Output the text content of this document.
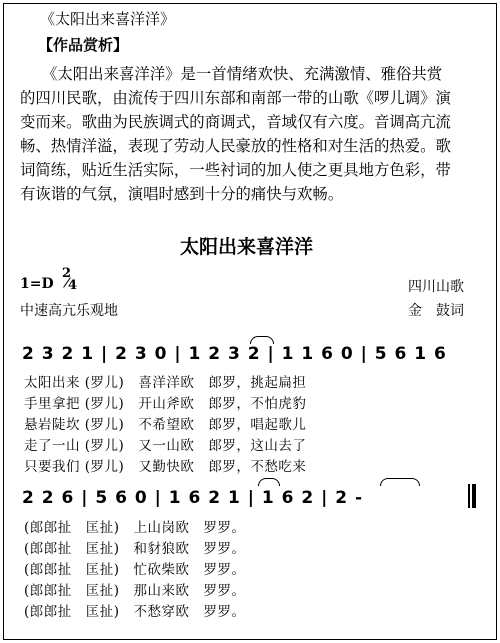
《太阳出来喜洋洋》
【作品赏析】
《太阳出来喜洋洋》是一首情绪欢快、充满激情、雅俗共赏
的四川民歌，由流传于四川东部和南部一带的山歌《啰儿调》演
变而来。歌曲为民族调式的商调式，音域仅有六度。音调高亢流
畅、热情洋溢，表现了劳动人民豪放的性格和对生活的热爱。歌
词简练，贴近生活实际，一些衬词的加人使之更具地方色彩，带
有诙谐的气氛，演唱时感到十分的痛快与欢畅。
太阳出来喜洋洋
1=D
2
4
中速高亢乐观地
四川山歌
金　鼓词
2 3 2 1 | 2 3 0 | 1 2 3 2 | 1 1 6 0 | 5 6 1 6
太阳出来 (罗儿)　喜洋洋欧　郎罗，挑起扁担
手里拿把 (罗儿)　开山斧欧　郎罗，不怕虎豹
悬岩陡坎 (罗儿)　不希望欧　郎罗，唱起歌儿
走了一山 (罗儿)　又一山欧　郎罗，这山去了
只要我们 (罗儿)　又勤快欧　郎罗，不愁吃来
2 2 6 | 5 6 0 | 1 6 2 1 | 1 6 2 | 2 -
(郎郎扯　匡扯)　上山岗欧　罗罗。
(郎郎扯　匡扯)　和豺狼欧　罗罗。
(郎郎扯　匡扯)　忙砍柴欧　罗罗。
(郎郎扯　匡扯)　那山来欧　罗罗。
(郎郎扯　匡扯)　不愁穿欧　罗罗。
